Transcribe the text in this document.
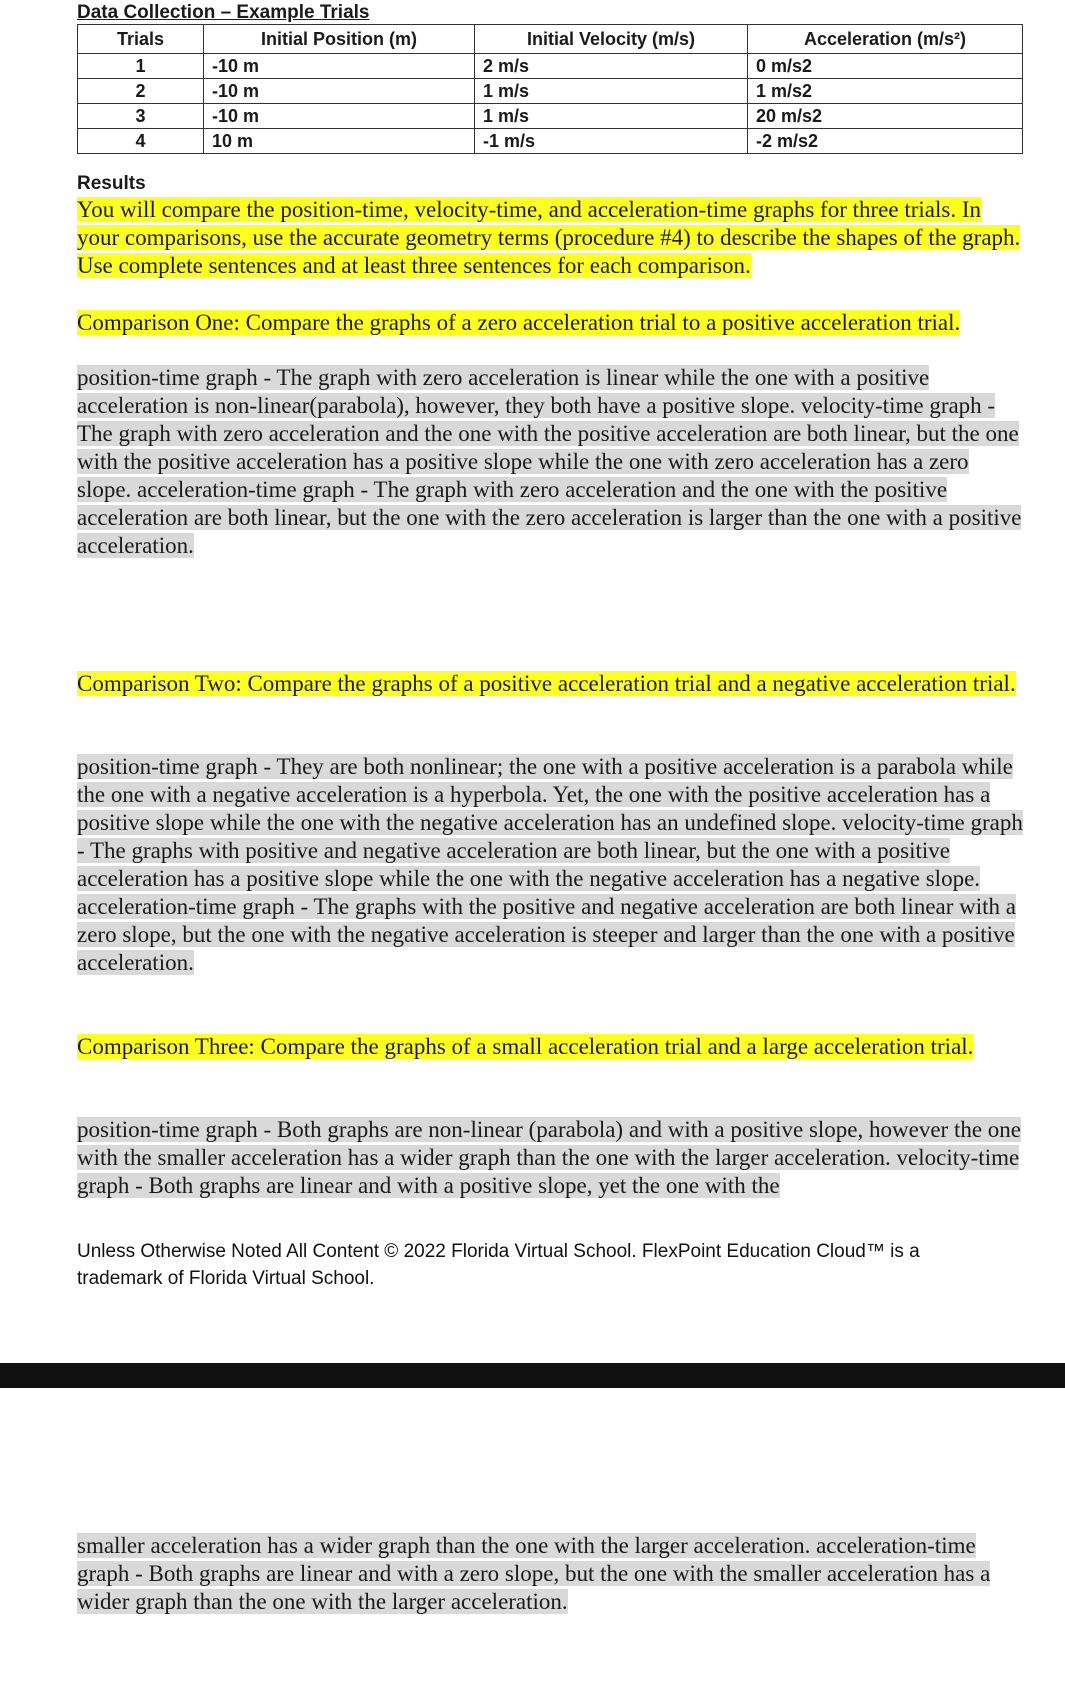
Data Collection – Example Trials
Trials	Initial Position (m)	Initial Velocity (m/s)	Acceleration (m/s²)
1	-10 m	2 m/s	0 m/s2
2	-10 m	1 m/s	1 m/s2
3	-10 m	1 m/s	20 m/s2
4	10 m	-1 m/s	-2 m/s2
Results
You will compare the position-time, velocity-time, and acceleration-time graphs for three trials. In your comparisons, use the accurate geometry terms (procedure #4) to describe the shapes of the graph. Use complete sentences and at least three sentences for each comparison.
Comparison One: Compare the graphs of a zero acceleration trial to a positive acceleration trial.
position-time graph - The graph with zero acceleration is linear while the one with a positive acceleration is non-linear(parabola), however, they both have a positive slope. velocity-time graph - The graph with zero acceleration and the one with the positive acceleration are both linear, but the one with the positive acceleration has a positive slope while the one with zero acceleration has a zero slope. acceleration-time graph - The graph with zero acceleration and the one with the positive acceleration are both linear, but the one with the zero acceleration is larger than the one with a positive acceleration.
Comparison Two: Compare the graphs of a positive acceleration trial and a negative acceleration trial.
position-time graph - They are both nonlinear; the one with a positive acceleration is a parabola while the one with a negative acceleration is a hyperbola. Yet, the one with the positive acceleration has a positive slope while the one with the negative acceleration has an undefined slope. velocity-time graph - The graphs with positive and negative acceleration are both linear, but the one with a positive acceleration has a positive slope while the one with the negative acceleration has a negative slope. acceleration-time graph - The graphs with the positive and negative acceleration are both linear with a zero slope, but the one with the negative acceleration is steeper and larger than the one with a positive acceleration.
Comparison Three: Compare the graphs of a small acceleration trial and a large acceleration trial.
position-time graph - Both graphs are non-linear (parabola) and with a positive slope, however the one with the smaller acceleration has a wider graph than the one with the larger acceleration. velocity-time graph - Both graphs are linear and with a positive slope, yet the one with the
Unless Otherwise Noted All Content © 2022 Florida Virtual School. FlexPoint Education Cloud™ is a trademark of Florida Virtual School.
smaller acceleration has a wider graph than the one with the larger acceleration. acceleration-time graph - Both graphs are linear and with a zero slope, but the one with the smaller acceleration has a wider graph than the one with the larger acceleration.
